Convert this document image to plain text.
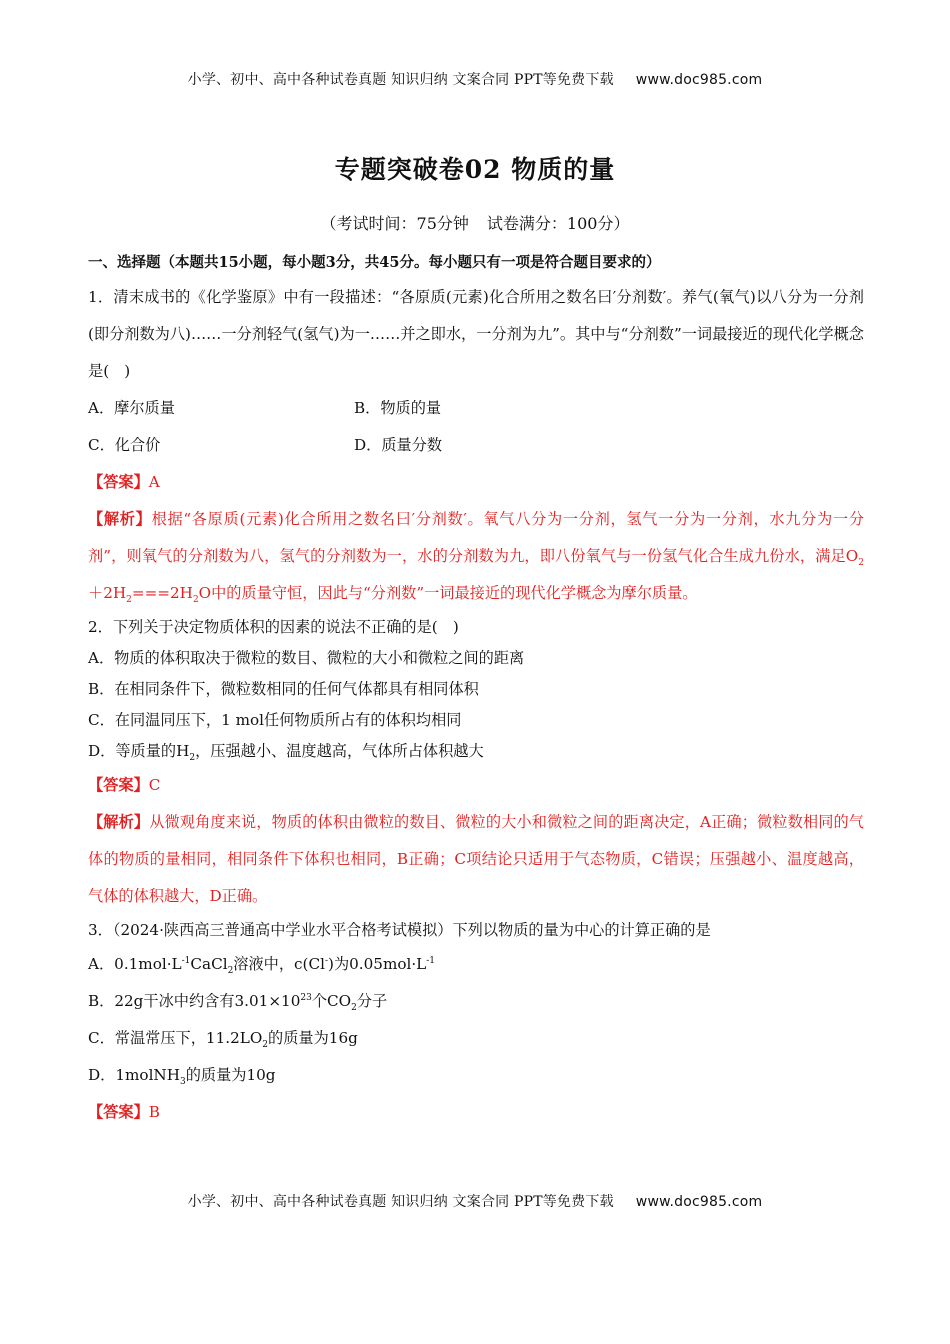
小学、初中、高中各种试卷真题 知识归纳 文案合同 PPT等免费下载 www.doc985.com
专题突破卷02 物质的量
（考试时间：75分钟 试卷满分：100分）
一、选择题（本题共15小题，每小题3分，共45分。每小题只有一项是符合题目要求的）
1．清末成书的《化学鉴原》中有一段描述：“各原质(元素)化合所用之数名曰′分剂数′。养气(氧气)以八分为一分剂(即分剂数为八)……一分剂轻气(氢气)为一……并之即水，一分剂为九”。其中与“分剂数”一词最接近的现代化学概念是(　)
A．摩尔质量	B．物质的量
C．化合价	D．质量分数
【答案】A
【解析】根据“各原质(元素)化合所用之数名曰′分剂数′。氧气八分为一分剂，氢气一分为一分剂，水九分为一分剂”，则氧气的分剂数为八，氢气的分剂数为一，水的分剂数为九，即八份氧气与一份氢气化合生成九份水，满足$O_2+2H_2===2H_2O$中的质量守恒，因此与“分剂数”一词最接近的现代化学概念为摩尔质量。
2．下列关于决定物质体积的因素的说法不正确的是(　)
A．物质的体积取决于微粒的数目、微粒的大小和微粒之间的距离
B．在相同条件下，微粒数相同的任何气体都具有相同体积
C．在同温同压下，1 mol任何物质所占有的体积均相同
D．等质量的$H_2$，压强越小、温度越高，气体所占体积越大
【答案】C
【解析】从微观角度来说，物质的体积由微粒的数目、微粒的大小和微粒之间的距离决定，A正确；微粒数相同的气体的物质的量相同，相同条件下体积也相同，B正确；C项结论只适用于气态物质，C错误；压强越小、温度越高，气体的体积越大，D正确。
3．（2024·陕西高三普通高中学业水平合格考试模拟）下列以物质的量为中心的计算正确的是
A．$0.1mol\cdot L^{-1}CaCl_2$溶液中，c(Cl-)为$0.05mol\cdot L^{-1}$
B．22g干冰中约含有$3.01\times 10^{23}$个$CO_2$分子
C．常温常压下，$11.2LO_2$的质量为16g
D．1molNH$_3$的质量为10g
【答案】B
小学、初中、高中各种试卷真题 知识归纳 文案合同 PPT等免费下载 www.doc985.com
